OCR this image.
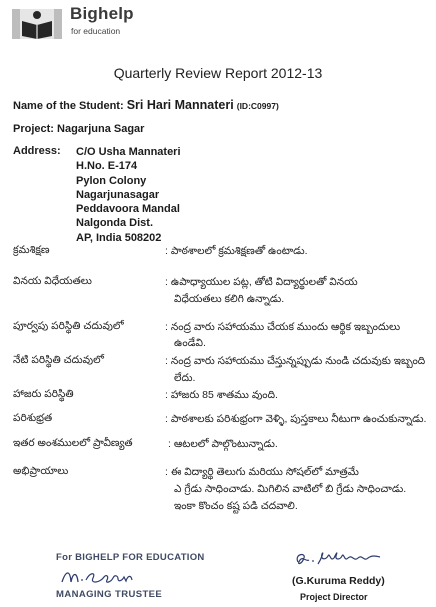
Bighelp
for education
Quarterly Review Report 2012-13
Name of the Student: Sri Hari Mannateri (ID:C0997)
Project: Nagarjuna Sagar
Address: C/O Usha Mannateri
H.No. E-174
Pylon Colony
Nagarjunasagar
Peddavoora Mandal
Nalgonda Dist.
AP, India 508202
క్రమశిక్షణ	: పాఠశాలలో క్రమశిక్షణతో ఉంటాడు.
వినయ విధేయతలు	: ఉపాధ్యాయుల పట్ల, తోటి విద్యార్థులతో వినయ
విధేయతలు కలిగి ఉన్నాడు.
పూర్వపు పరిస్థితి చదువులో	: నంద్ర వారు సహాయము చేయక ముందు ఆర్థిక ఇబ్బందులు
ఉండేవి.
నేటి పరిస్థితి చదువులో	: నంద్ర వారు సహాయము చేస్తున్నప్పుడు నుండి చదువుకు ఇబ్బంది
లేదు.
హాజరు పరిస్థితి	: హాజరు 85 శాతము వుంది.
పరిశుభ్రత	: పాఠశాలకు పరిశుభ్రంగా వెళ్ళి, పుస్తకాలు నీటుగా ఉంచుకున్నాడు.
ఇతర అంశములలో ప్రావీణ్యత	: ఆటలలో పాల్గొంటున్నాడు.
అభిప్రాయాలు	: ఈ విద్యార్థి తెలుగు మరియు సోషల్‌లో మాత్రమే
ఎ గ్రేడు సాధించాడు. మిగిలిన వాటిలో బి గ్రేడు సాధించాడు.
ఇంకా కొంచం కష్ట పడి చదవాలి.
For BIGHELP FOR EDUCATION
MANAGING TRUSTEE
(G.Kuruma Reddy)
Project Director
